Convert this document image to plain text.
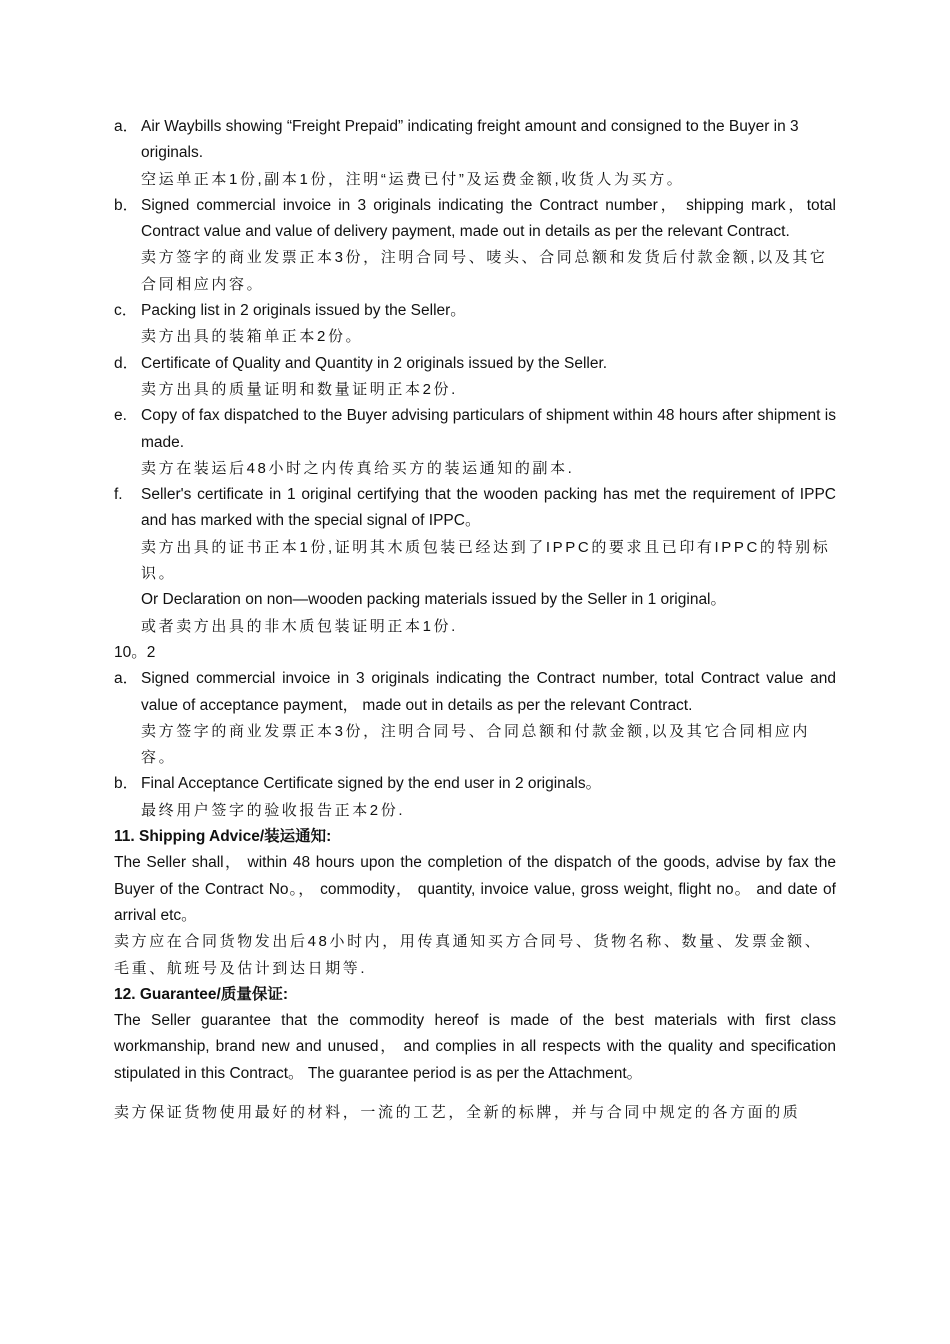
a． Air Waybills showing “Freight Prepaid” indicating freight amount and consigned to the Buyer in 3 originals.

空运单正本1份,副本1份，注明“运费已付”及运费金额,收货人为买方。

b． Signed commercial invoice in 3 originals indicating the Contract number， shipping mark，total Contract value and value of delivery payment, made out in details as per the relevant Contract.

卖方签字的商业发票正本3份，注明合同号、唛头、合同总额和发货后付款金额,以及其它合同相应内容。

c． Packing list in 2 originals issued by the Seller。

卖方出具的装箱单正本2份。

d． Certificate of Quality and Quantity in 2 originals issued by the Seller.

卖方出具的质量证明和数量证明正本2份.

e. Copy of fax dispatched to the Buyer advising particulars of shipment within 48 hours after shipment is made.

卖方在装运后48小时之内传真给买方的装运通知的副本.

f. Seller's certificate in 1 original certifying that the wooden packing has met the requirement of IPPC and has marked with the special signal of IPPC。

卖方出具的证书正本1份,证明其木质包装已经达到了IPPC的要求且已印有IPPC的特别标识。

Or Declaration on non—wooden packing materials issued by the Seller in 1 original。

或者卖方出具的非木质包装证明正本1份.

10。2

a． Signed commercial invoice in 3 originals indicating the Contract number, total Contract value and value of acceptance payment， made out in details as per the relevant Contract.

卖方签字的商业发票正本3份，注明合同号、合同总额和付款金额,以及其它合同相应内容。

b． Final Acceptance Certificate signed by the end user in 2 originals。

最终用户签字的验收报告正本2份.

11. Shipping Advice/装运通知:

The Seller shall， within 48 hours upon the completion of the dispatch of the goods, advise by fax the Buyer of the Contract No。， commodity， quantity, invoice value, gross weight, flight no。 and date of arrival etc。

卖方应在合同货物发出后48小时内，用传真通知买方合同号、货物名称、数量、发票金额、毛重、航班号及估计到达日期等.

12. Guarantee/质量保证:

The Seller guarantee that the commodity hereof is made of the best materials with first class workmanship, brand new and unused， and complies in all respects with the quality and specification stipulated in this Contract。 The guarantee period is as per the Attachment。

卖方保证货物使用最好的材料，一流的工艺，全新的标牌，并与合同中规定的各方面的质
